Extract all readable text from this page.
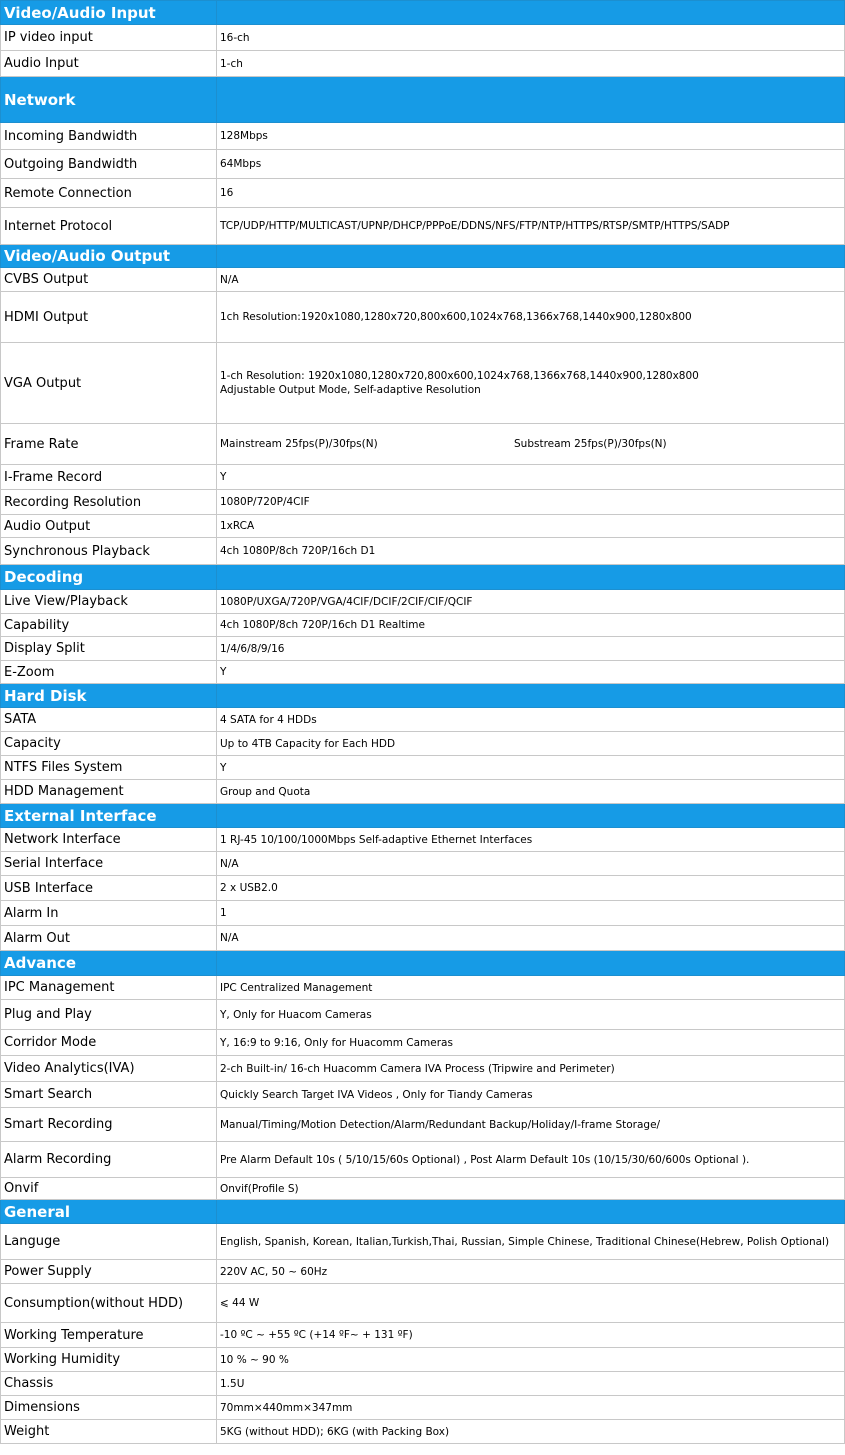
Video/Audio Input	
IP video input	16-ch
Audio Input	1-ch
Network	
Incoming Bandwidth	128Mbps
Outgoing Bandwidth	64Mbps
Remote Connection	16
Internet Protocol	TCP/UDP/HTTP/MULTICAST/UPNP/DHCP/PPPoE/DDNS/NFS/FTP/NTP/HTTPS/RTSP/SMTP/HTTPS/SADP
Video/Audio Output	
CVBS Output	N/A
HDMI Output	1ch Resolution:1920x1080,1280x720,800x600,1024x768,1366x768,1440x900,1280x800
VGA Output	1-ch Resolution: 1920x1080,1280x720,800x600,1024x768,1366x768,1440x900,1280x800
Adjustable Output Mode, Self-adaptive Resolution

Frame Rate	Mainstream 25fps(P)/30fps(N) Substream 25fps(P)/30fps(N)

I-Frame Record	Y
Recording Resolution	1080P/720P/4CIF
Audio Output	1xRCA
Synchronous Playback	4ch 1080P/8ch 720P/16ch D1
Decoding	
Live View/Playback	1080P/UXGA/720P/VGA/4CIF/DCIF/2CIF/CIF/QCIF
Capability	4ch 1080P/8ch 720P/16ch D1 Realtime
Display Split	1/4/6/8/9/16
E-Zoom	Y
Hard Disk	
SATA	4 SATA for 4 HDDs
Capacity	Up to 4TB Capacity for Each HDD
NTFS Files System	Y
HDD Management	Group and Quota
External Interface	
Network Interface	1 RJ-45 10/100/1000Mbps Self-adaptive Ethernet Interfaces
Serial Interface	N/A
USB Interface	2 x USB2.0
Alarm In	1
Alarm Out	N/A
Advance	
IPC Management	IPC Centralized Management
Plug and Play	Y, Only for Huacom Cameras
Corridor Mode	Y, 16:9 to 9:16, Only for Huacomm Cameras
Video Analytics(IVA)	2-ch Built-in/ 16-ch Huacomm Camera IVA Process (Tripwire and Perimeter)
Smart Search	Quickly Search Target IVA Videos , Only for Tiandy Cameras
Smart Recording	Manual/Timing/Motion Detection/Alarm/Redundant Backup/Holiday/I-frame Storage/
Alarm Recording	Pre Alarm Default 10s ( 5/10/15/60s Optional) , Post Alarm Default 10s (10/15/30/60/600s Optional ).
Onvif	Onvif(Profile S)
General	
Languge	English, Spanish, Korean, Italian,Turkish,Thai, Russian, Simple Chinese, Traditional Chinese(Hebrew, Polish Optional)
Power Supply	220V AC, 50 ~ 60Hz
Consumption(without HDD)	⩽ 44 W
Working Temperature	-10 ºC ~ +55 ºC (+14 ºF~ + 131 ºF)
Working Humidity	10 % ~ 90 %
Chassis	1.5U
Dimensions	70mm×440mm×347mm
Weight	5KG (without HDD); 6KG (with Packing Box)
